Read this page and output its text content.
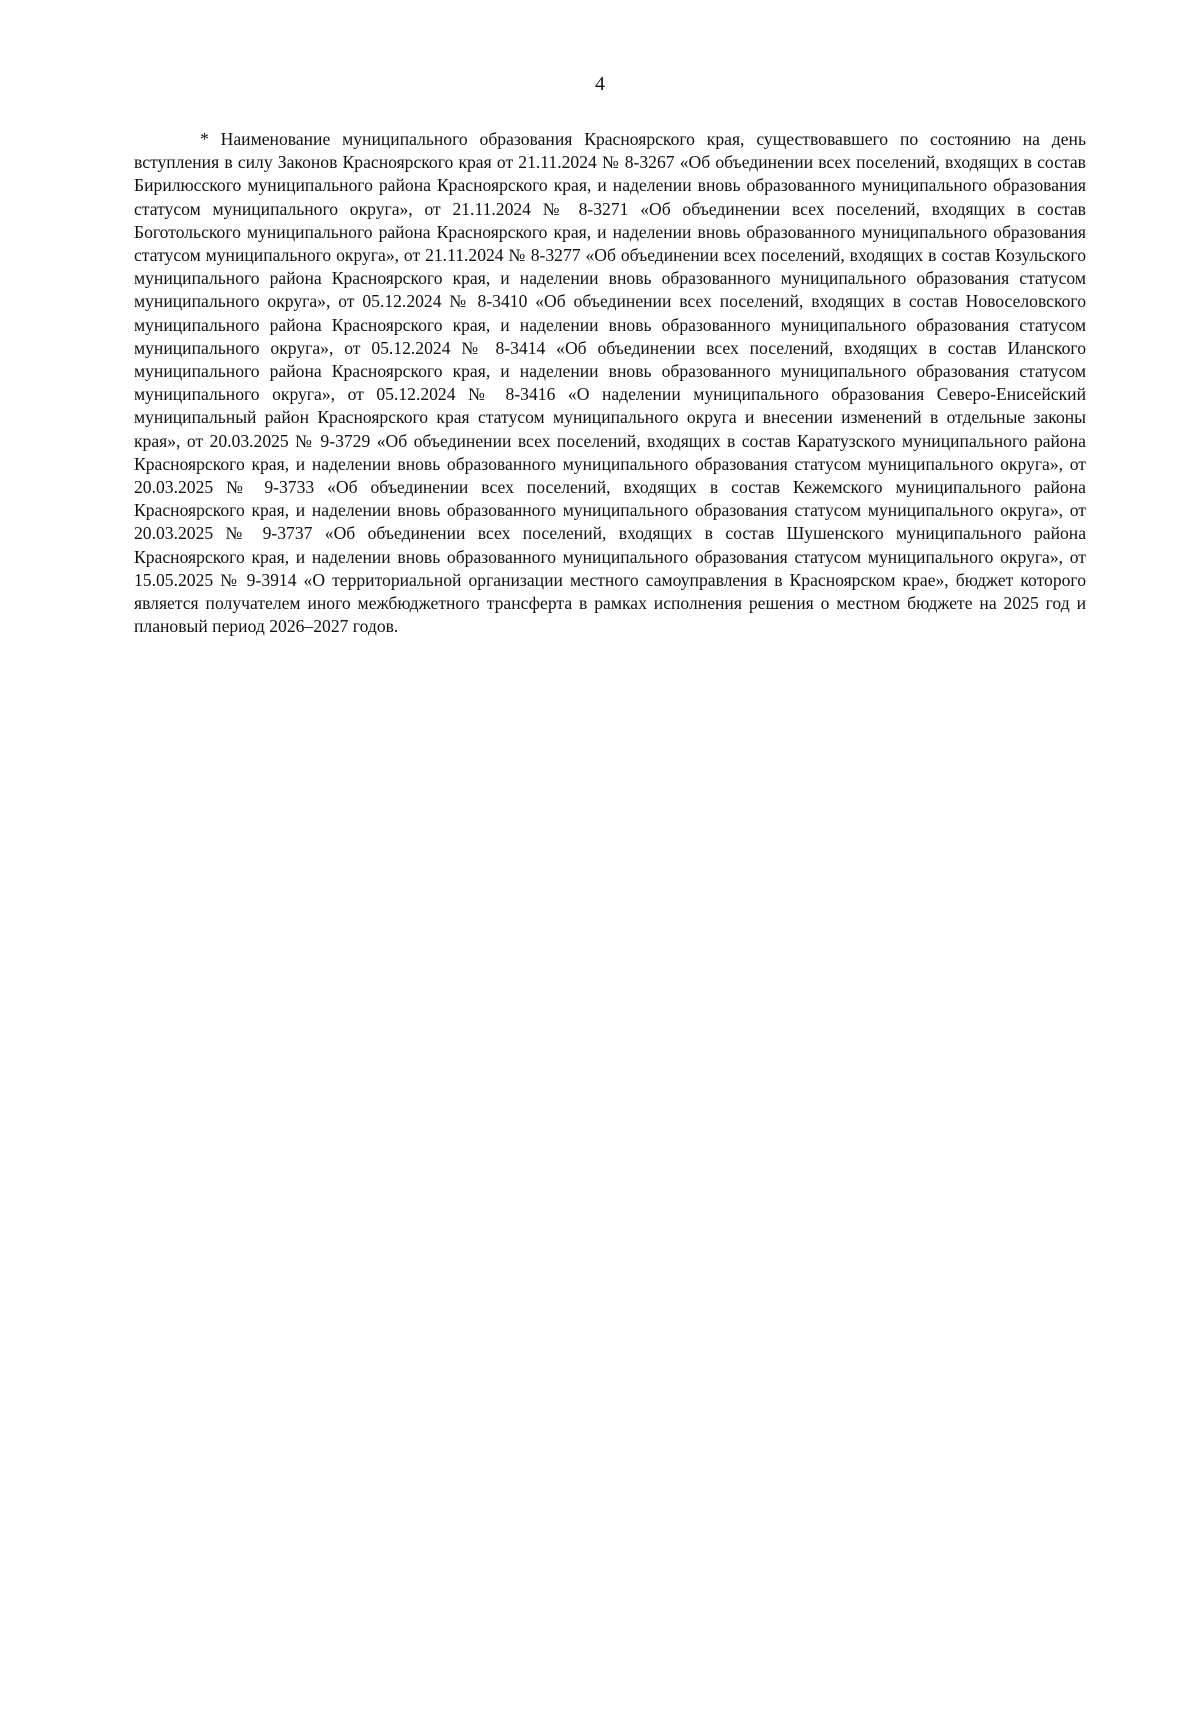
4

* Наименование муниципального образования Красноярского края, существовавшего по состоянию на день вступления в силу Законов Красноярского края от 21.11.2024 № 8-3267 «Об объединении всех поселений, входящих в состав Бирилюсского муниципального района Красноярского края, и наделении вновь образованного муниципального образования статусом муниципального округа», от 21.11.2024 № 8-3271 «Об объединении всех поселений, входящих в состав Боготольского муниципального района Красноярского края, и наделении вновь образованного муниципального образования статусом муниципального округа», от 21.11.2024 № 8-3277 «Об объединении всех поселений, входящих в состав Козульского муниципального района Красноярского края, и наделении вновь образованного муниципального образования статусом муниципального округа», от 05.12.2024 № 8-3410 «Об объединении всех поселений, входящих в состав Новоселовского муниципального района Красноярского края, и наделении вновь образованного муниципального образования статусом муниципального округа», от 05.12.2024 № 8-3414 «Об объединении всех поселений, входящих в состав Иланского муниципального района Красноярского края, и наделении вновь образованного муниципального образования статусом муниципального округа», от 05.12.2024 № 8-3416 «О наделении муниципального образования Северо-Енисейский муниципальный район Красноярского края статусом муниципального округа и внесении изменений в отдельные законы края», от 20.03.2025 № 9-3729 «Об объединении всех поселений, входящих в состав Каратузского муниципального района Красноярского края, и наделении вновь образованного муниципального образования статусом муниципального округа», от 20.03.2025 № 9-3733 «Об объединении всех поселений, входящих в состав Кежемского муниципального района Красноярского края, и наделении вновь образованного муниципального образования статусом муниципального округа», от 20.03.2025 № 9-3737 «Об объединении всех поселений, входящих в состав Шушенского муниципального района Красноярского края, и наделении вновь образованного муниципального образования статусом муниципального округа», от 15.05.2025 № 9-3914 «О территориальной организации местного самоуправления в Красноярском крае», бюджет которого является получателем иного межбюджетного трансферта в рамках исполнения решения о местном бюджете на 2025 год и плановый период 2026–2027 годов.
